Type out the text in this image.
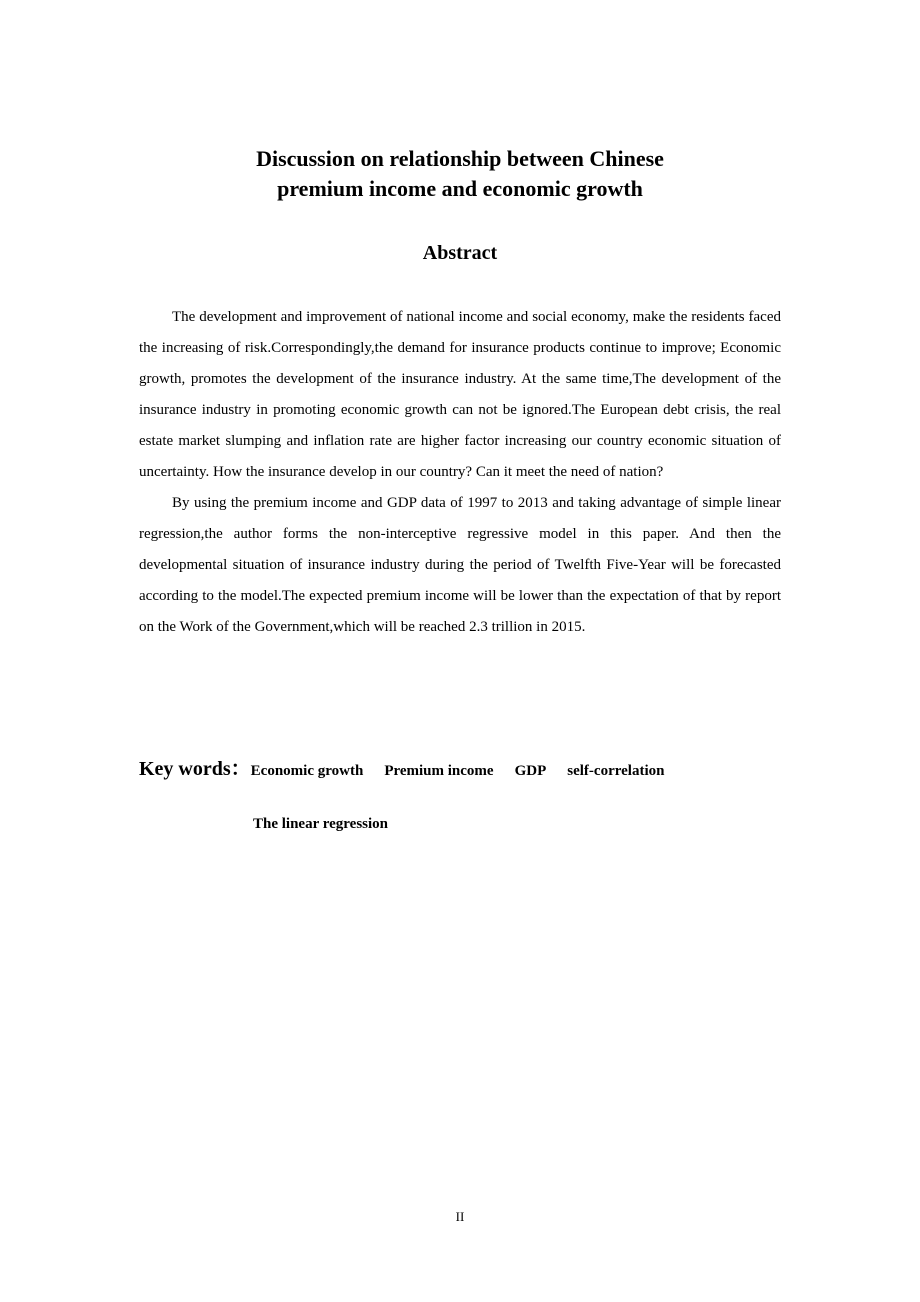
Discussion on relationship between Chinese
premium income and economic growth
Abstract

The development and improvement of national income and social economy, make the residents faced the increasing of risk.Correspondingly,the demand for insurance products continue to improve; Economic growth, promotes the development of the insurance industry. At the same time,The development of the insurance industry in promoting economic growth can not be ignored.The European debt crisis, the real estate market slumping and inflation rate are higher factor increasing our country economic situation of uncertainty. How the insurance develop in our country? Can it meet the need of nation?

By using the premium income and GDP data of 1997 to 2013 and taking advantage of simple linear regression,the author forms the non-interceptive regressive model in this paper. And then the developmental situation of insurance industry during the period of Twelfth Five-Year will be forecasted according to the model.The expected premium income will be lower than the expectation of that by report on the Work of the Government,which will be reached 2.3 trillion in 2015.

Key words：Economic growth Premium income GDP self-correlation
The linear regression
II
